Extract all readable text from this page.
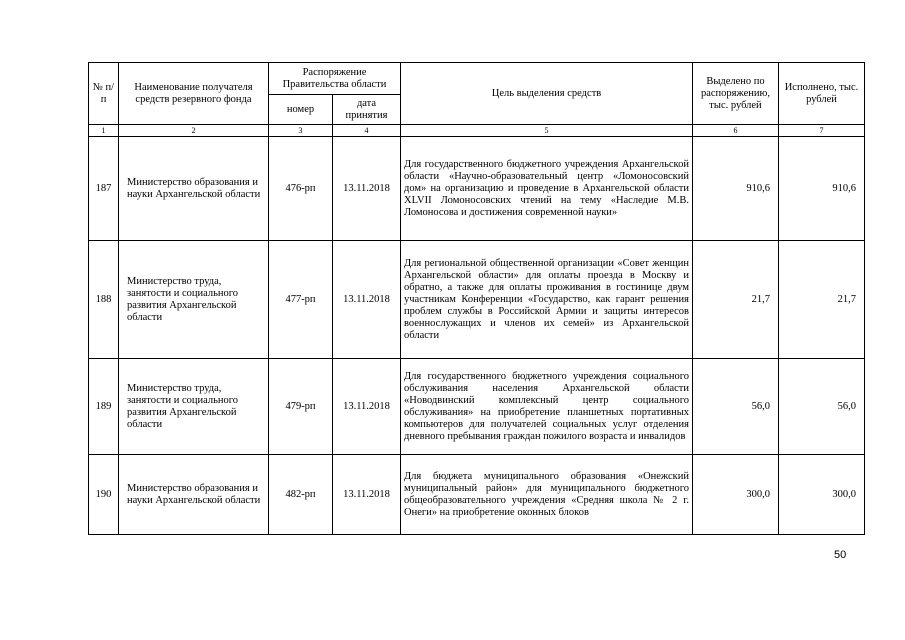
№ п/п	Наименование получателя средств резервного фонда	Распоряжение Правительства области		Цель выделения средств	Выделено по распоряжению, тыс. рублей	Исполнено, тыс. рублей
		номер	дата принятия			
1	2	3	4	5	6	7
187	Министерство образования и науки Архангельской области	476-рп	13.11.2018	Для государственного бюджетного учреждения Архангельской области «Научно-образовательный центр «Ломоносовский дом» на организацию и проведение в Архангельской области XLVII Ломоносовских чтений на тему «Наследие М.В. Ломоносова и достижения современной науки»	910,6	910,6
188	Министерство труда, занятости и социального развития Архангельской области	477-рп	13.11.2018	Для региональной общественной организации «Совет женщин Архангельской области» для оплаты проезда в Москву и обратно, а также для оплаты проживания в гостинице двум участникам Конференции «Государство, как гарант решения проблем службы в Российской Армии и защиты интересов военнослужащих и членов их семей» из Архангельской области	21,7	21,7
189	Министерство труда, занятости и социального развития Архангельской области	479-рп	13.11.2018	Для государственного бюджетного учреждения социального обслуживания населения Архангельской области «Новодвинский комплексный центр социального обслуживания» на приобретение планшетных портативных компьютеров для получателей социальных услуг отделения дневного пребывания граждан пожилого возраста и инвалидов	56,0	56,0
190	Министерство образования и науки Архангельской области	482-рп	13.11.2018	Для бюджета муниципального образования «Онежский муниципальный район» для муниципального бюджетного общеобразовательного учреждения «Средняя школа № 2 г. Онеги» на приобретение оконных блоков	300,0	300,0
50
